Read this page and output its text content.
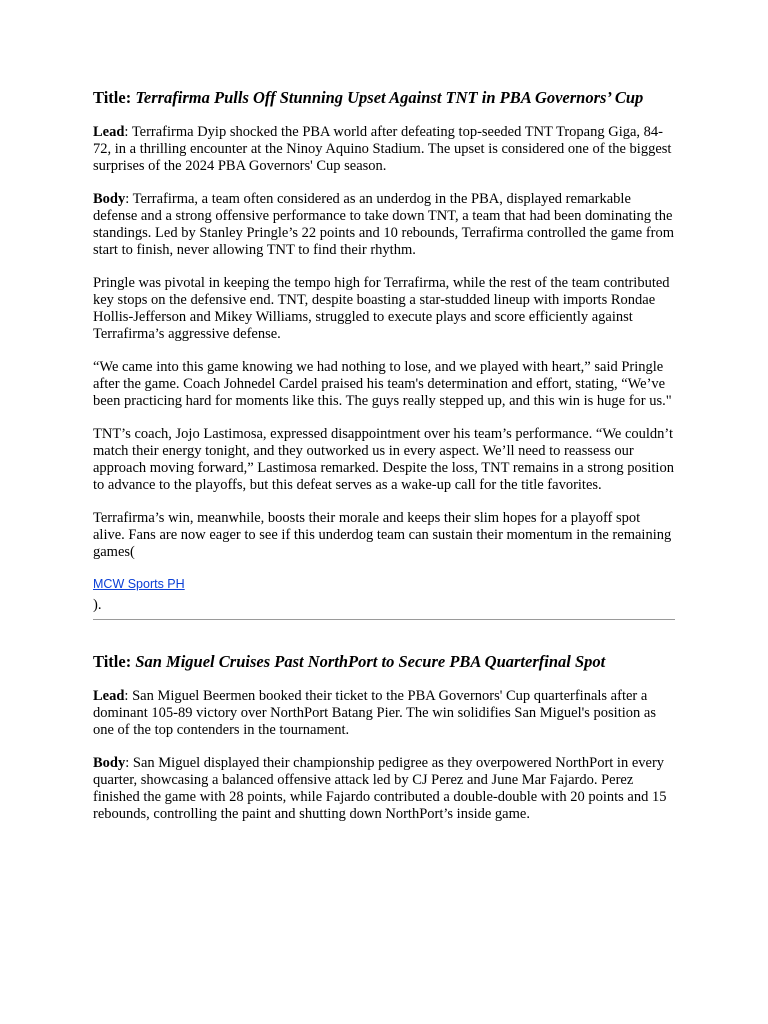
Title: Terrafirma Pulls Off Stunning Upset Against TNT in PBA Governors’ Cup

Lead: Terrafirma Dyip shocked the PBA world after defeating top-seeded TNT Tropang Giga, 84-72, in a thrilling encounter at the Ninoy Aquino Stadium. The upset is considered one of the biggest surprises of the 2024 PBA Governors' Cup season.

Body: Terrafirma, a team often considered as an underdog in the PBA, displayed remarkable defense and a strong offensive performance to take down TNT, a team that had been dominating the standings. Led by Stanley Pringle’s 22 points and 10 rebounds, Terrafirma controlled the game from start to finish, never allowing TNT to find their rhythm.

Pringle was pivotal in keeping the tempo high for Terrafirma, while the rest of the team contributed key stops on the defensive end. TNT, despite boasting a star-studded lineup with imports Rondae Hollis-Jefferson and Mikey Williams, struggled to execute plays and score efficiently against Terrafirma’s aggressive defense.

“We came into this game knowing we had nothing to lose, and we played with heart,” said Pringle after the game. Coach Johnedel Cardel praised his team's determination and effort, stating, “We’ve been practicing hard for moments like this. The guys really stepped up, and this win is huge for us."

TNT’s coach, Jojo Lastimosa, expressed disappointment over his team’s performance. “We couldn’t match their energy tonight, and they outworked us in every aspect. We’ll need to reassess our approach moving forward,” Lastimosa remarked. Despite the loss, TNT remains in a strong position to advance to the playoffs, but this defeat serves as a wake-up call for the title favorites.

Terrafirma’s win, meanwhile, boosts their morale and keeps their slim hopes for a playoff spot alive. Fans are now eager to see if this underdog team can sustain their momentum in the remaining games(

MCW Sports PH

).

Title: San Miguel Cruises Past NorthPort to Secure PBA Quarterfinal Spot

Lead: San Miguel Beermen booked their ticket to the PBA Governors' Cup quarterfinals after a dominant 105-89 victory over NorthPort Batang Pier. The win solidifies San Miguel's position as one of the top contenders in the tournament.

Body: San Miguel displayed their championship pedigree as they overpowered NorthPort in every quarter, showcasing a balanced offensive attack led by CJ Perez and June Mar Fajardo. Perez finished the game with 28 points, while Fajardo contributed a double-double with 20 points and 15 rebounds, controlling the paint and shutting down NorthPort’s inside game.
